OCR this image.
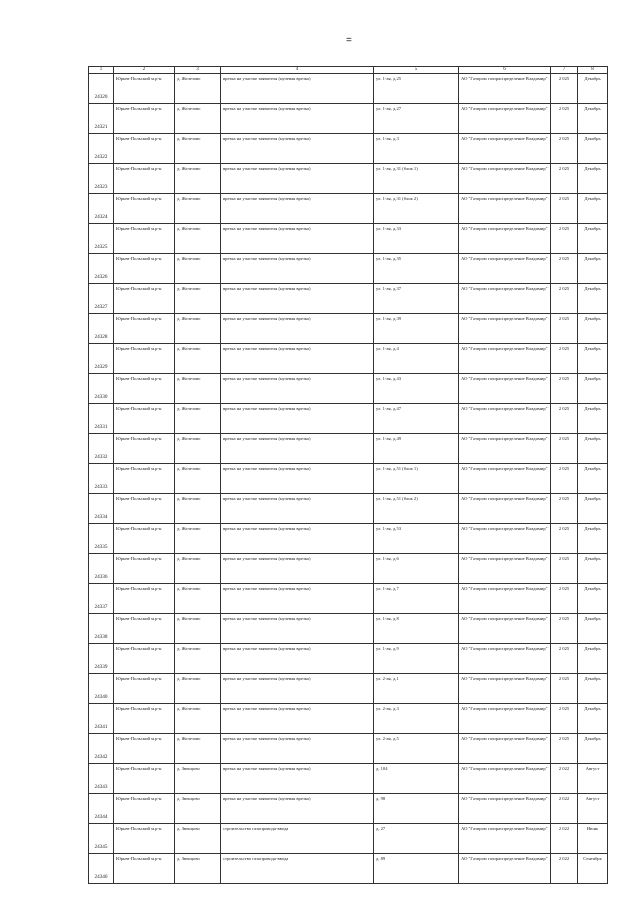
=
1	2	3	4	5	6	7	8

24320	Юрьев-Польский м.р-н	д. Железово	врезка на участке заявителя (нулевая врезка)	ул. 1-ая, д.25	АО "Газпром газораспределение Владимир"	2 025	Декабрь

24321	Юрьев-Польский м.р-н	д. Железово	врезка на участке заявителя (нулевая врезка)	ул. 1-ая, д.27	АО "Газпром газораспределение Владимир"	2 025	Декабрь

24322	Юрьев-Польский м.р-н	д. Железово	врезка на участке заявителя (нулевая врезка)	ул. 1-ая, д.3	АО "Газпром газораспределение Владимир"	2 025	Декабрь

24323	Юрьев-Польский м.р-н	д. Железово	врезка на участке заявителя (нулевая врезка)	ул. 1-ая, д.31 (блок 1)	АО "Газпром газораспределение Владимир"	2 025	Декабрь

24324	Юрьев-Польский м.р-н	д. Железово	врезка на участке заявителя (нулевая врезка)	ул. 1-ая, д.31 (блок 2)	АО "Газпром газораспределение Владимир"	2 025	Декабрь

24325	Юрьев-Польский м.р-н	д. Железово	врезка на участке заявителя (нулевая врезка)	ул. 1-ая, д.33	АО "Газпром газораспределение Владимир"	2 025	Декабрь

24326	Юрьев-Польский м.р-н	д. Железово	врезка на участке заявителя (нулевая врезка)	ул. 1-ая, д.35	АО "Газпром газораспределение Владимир"	2 025	Декабрь

24327	Юрьев-Польский м.р-н	д. Железово	врезка на участке заявителя (нулевая врезка)	ул. 1-ая, д.37	АО "Газпром газораспределение Владимир"	2 025	Декабрь

24328	Юрьев-Польский м.р-н	д. Железово	врезка на участке заявителя (нулевая врезка)	ул. 1-ая, д.39	АО "Газпром газораспределение Владимир"	2 025	Декабрь

24329	Юрьев-Польский м.р-н	д. Железово	врезка на участке заявителя (нулевая врезка)	ул. 1-ая, д.4	АО "Газпром газораспределение Владимир"	2 025	Декабрь

24330	Юрьев-Польский м.р-н	д. Железово	врезка на участке заявителя (нулевая врезка)	ул. 1-ая, д.43	АО "Газпром газораспределение Владимир"	2 025	Декабрь

24331	Юрьев-Польский м.р-н	д. Железово	врезка на участке заявителя (нулевая врезка)	ул. 1-ая, д.47	АО "Газпром газораспределение Владимир"	2 025	Декабрь

24332	Юрьев-Польский м.р-н	д. Железово	врезка на участке заявителя (нулевая врезка)	ул. 1-ая, д.49	АО "Газпром газораспределение Владимир"	2 025	Декабрь

24333	Юрьев-Польский м.р-н	д. Железово	врезка на участке заявителя (нулевая врезка)	ул. 1-ая, д.51 (блок 1)	АО "Газпром газораспределение Владимир"	2 025	Декабрь

24334	Юрьев-Польский м.р-н	д. Железово	врезка на участке заявителя (нулевая врезка)	ул. 1-ая, д.51 (блок 2)	АО "Газпром газораспределение Владимир"	2 025	Декабрь

24335	Юрьев-Польский м.р-н	д. Железово	врезка на участке заявителя (нулевая врезка)	ул. 1-ая, д.53	АО "Газпром газораспределение Владимир"	2 025	Декабрь

24336	Юрьев-Польский м.р-н	д. Железово	врезка на участке заявителя (нулевая врезка)	ул. 1-ая, д.6	АО "Газпром газораспределение Владимир"	2 025	Декабрь

24337	Юрьев-Польский м.р-н	д. Железово	врезка на участке заявителя (нулевая врезка)	ул. 1-ая, д.7	АО "Газпром газораспределение Владимир"	2 025	Декабрь

24338	Юрьев-Польский м.р-н	д. Железово	врезка на участке заявителя (нулевая врезка)	ул. 1-ая, д.8	АО "Газпром газораспределение Владимир"	2 025	Декабрь

24339	Юрьев-Польский м.р-н	д. Железово	врезка на участке заявителя (нулевая врезка)	ул. 1-ая, д.9	АО "Газпром газораспределение Владимир"	2 025	Декабрь

24340	Юрьев-Польский м.р-н	д. Железово	врезка на участке заявителя (нулевая врезка)	ул. 2-ая, д.1	АО "Газпром газораспределение Владимир"	2 025	Декабрь

24341	Юрьев-Польский м.р-н	д. Железово	врезка на участке заявителя (нулевая врезка)	ул. 2-ая, д.3	АО "Газпром газораспределение Владимир"	2 025	Декабрь

24342	Юрьев-Польский м.р-н	д. Железово	врезка на участке заявителя (нулевая врезка)	ул. 2-ая, д.5	АО "Газпром газораспределение Владимир"	2 025	Декабрь

24343	Юрьев-Польский м.р-н	д. Звенцово	врезка на участке заявителя (нулевая врезка)	д. 104	АО "Газпром газораспределение Владимир"	2 022	Август

24344	Юрьев-Польский м.р-н	д. Звенцово	врезка на участке заявителя (нулевая врезка)	д. 98	АО "Газпром газораспределение Владимир"	2 022	Август

24345	Юрьев-Польский м.р-н	д. Звенцово	строительство газопровода-ввода	д. 27	АО "Газпром газораспределение Владимир"	2 022	Июнь

24346	Юрьев-Польский м.р-н	д. Звенцово	строительство газопровода-ввода	д. 89	АО "Газпром газораспределение Владимир"	2 022	Сентябрь
